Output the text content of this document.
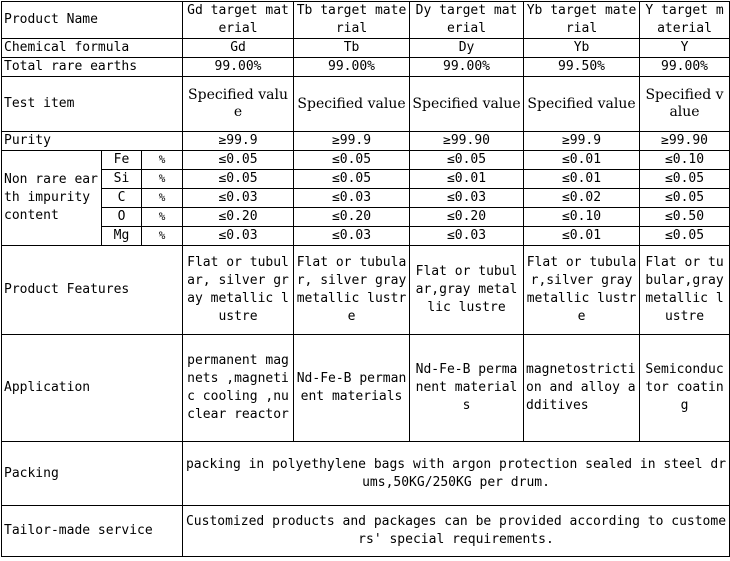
Product Name			Gd target material	Tb target material	Dy target material	Yb target material	Y target material
Chemical formula			Gd	Tb	Dy	Yb	Y
Total rare earths			99.00%	99.00%	99.00%	99.50%	99.00%
Test item			Specified value	Specified value	Specified value	Specified value	Specified value
Purity			≥99.9	≥99.9	≥99.90	≥99.9	≥99.90
Non rare earth impurity content	Fe	%	≤0.05	≤0.05	≤0.05	≤0.01	≤0.10
	Si	%	≤0.05	≤0.05	≤0.01	≤0.01	≤0.05
	C	%	≤0.03	≤0.03	≤0.03	≤0.02	≤0.05
	O	%	≤0.20	≤0.20	≤0.20	≤0.10	≤0.50
	Mg	%	≤0.03	≤0.03	≤0.03	≤0.01	≤0.05
Product Features			Flat or tubular, silver gray metallic lustre	Flat or tubular, silver gray metallic lustre	Flat or tubular,gray metallic lustre	Flat or tubular,silver gray metallic lustre	Flat or tubular,gray metallic lustre
Application			permanent magnets ,magnetic cooling ,nuclear reactor	Nd-Fe-B permanent materials	Nd-Fe-B permanent materials	magnetostriction and alloy additives	Semiconductor coating
Packing			packing in polyethylene bags with argon protection sealed in steel drums,50KG/250KG per drum.				
Tailor-made service			Customized products and packages can be provided according to customers' special requirements.				
